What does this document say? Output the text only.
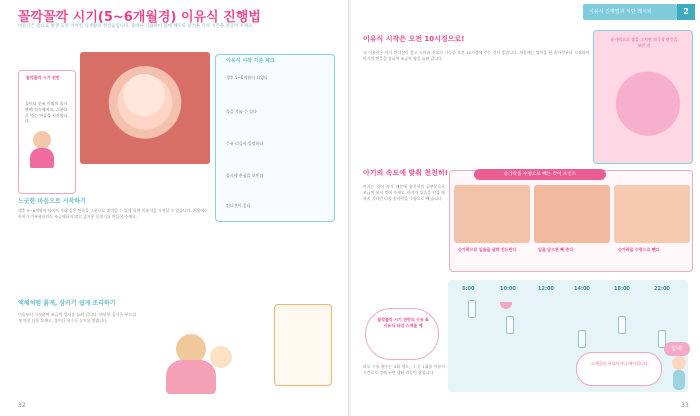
꼴깍꼴깍 시기(5~6개월경) 이유식 진행법
이유식은 앞으로 평생 동안 이어질 식생활의 첫걸음입니다. 올바른 식습관이 몸에 배도록 즐거운 식사 시간을 만들어 주세요.
꼴깍꼴깍 시기 전반
젖이나 분유 이외의 음식 맛에 익숙해지고, 스푼으로 먹는 연습을 시작합니다.
이유식 시작 기준 체크
생후 5~6개월이 되었다
목을 가눌 수 있다
수유 리듬이 일정하다
음식에 관심을 보인다
컨디션이 좋다
느긋한 마음으로 시작하기
생후 5~6개월이 되어서 가래 같은 반죽을 스푼으로 떠먹일 수 있게 되면 이유식을 시작할 수 있습니다. 처음에는 아이가 거부하더라도 조급해하지 말고 즐거운 분위기를 만들어 주세요.
액체처럼 묽게, 삼키기 쉽게 조리하기
미음부터 시작하여 조금씩 입자를 늘려 갑니다. 단단한 음식은 부드럽게 익힌 다음 으깨고, 물이나 육수로 농도를 맞춥니다.
32
이유식 진행법과 식단 레시피	2
이유식 시작은 오전 10시경으로!
첫 이유식은 아기 컨디션이 좋고 소아과 진료가 가능한 오전 10시경에 주는 것이 좋습니다. 처음에는 쌀미음 한 숟가락부터 시작하여 아기의 반응을 살피며 조금씩 양을 늘려 갑니다.
숟가락으로 쌀을 그치면 적극적 반응을 보인 것
아기의 속도에 맞춰 천천히!
아기는 입이 작기 때문에 숟가락의 끝부분으로 조금씩 떠서 먹여 주세요. 아기가 입술을 닫을 때까지 기다린 다음 숟가락을 수평으로 빼 줍니다.
숟가락을 수평으로 빼는 것이 포인트
숟가락으로 입술을 살짝 건드린다	입을 닫으면 빼 준다	숟가락을 수평으로 뺀다
꼴깍꼴깍 시기 전반의 수유 & 이유식 타임 스케줄 예
하루 수유 횟수는 5회 정도, 그 중 1회를 이유식 시간으로 정해 두면 생활 리듬이 잡힙니다.
33
6:00	10:00	12:00	14:00	18:00	22:00
스케줄은 어디까지나 예시입니다.
힘내!
